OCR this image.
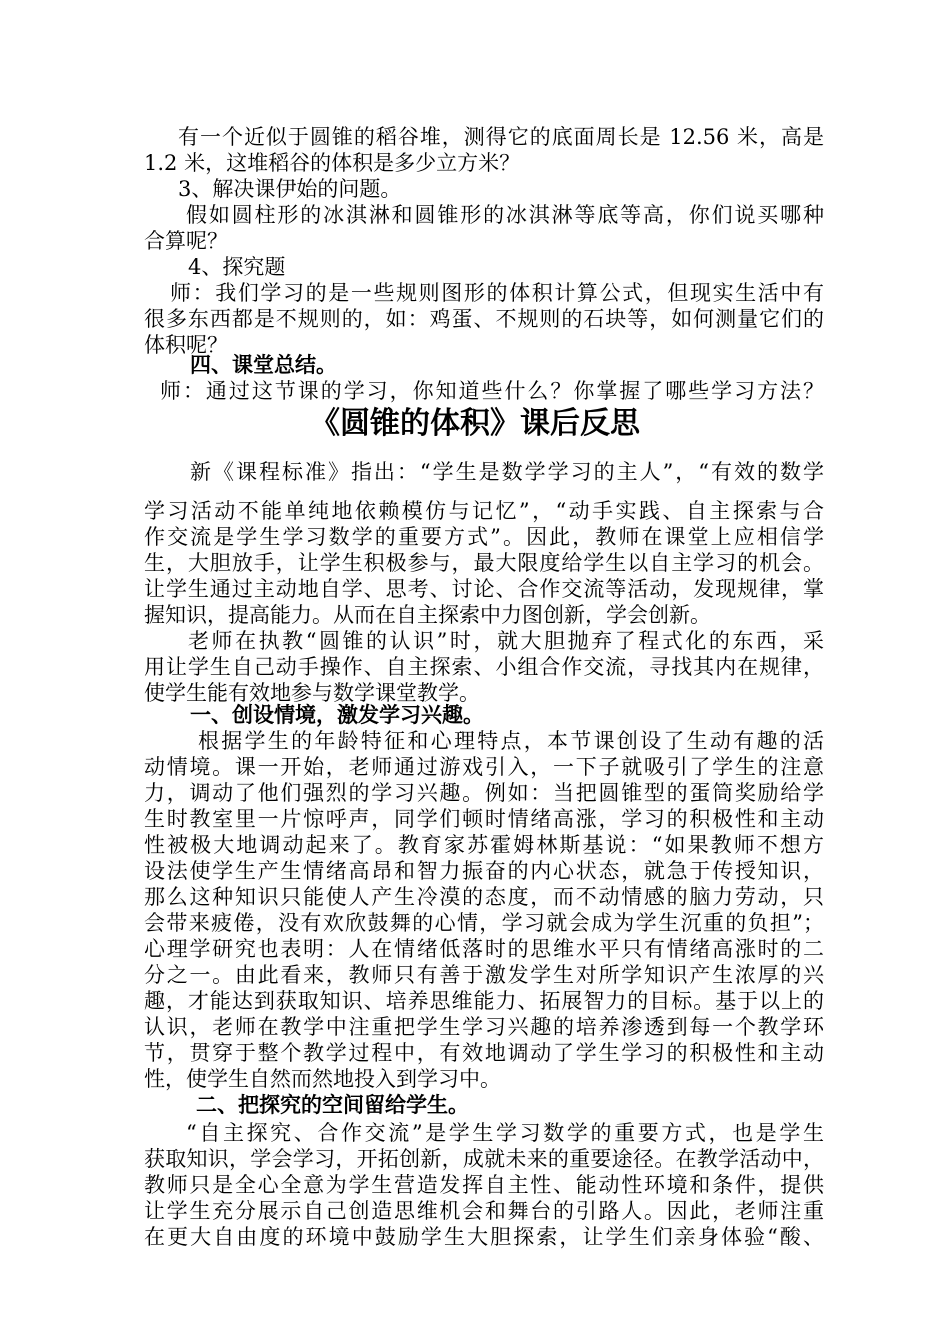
有一个近似于圆锥的稻谷堆，测得它的底面周长是 12.56 米，高是
1.2 米，这堆稻谷的体积是多少立方米？
3、解决课伊始的问题。
假如圆柱形的冰淇淋和圆锥形的冰淇淋等底等高，你们说买哪种
合算呢？
4、探究题
师：我们学习的是一些规则图形的体积计算公式，但现实生活中有
很多东西都是不规则的，如：鸡蛋、不规则的石块等，如何测量它们的
体积呢？
四、课堂总结。
师：通过这节课的学习，你知道些什么？你掌握了哪些学习方法？
《圆锥的体积》课后反思
新《课程标准》指出：“学生是数学学习的主人”，“有效的数学
学习活动不能单纯地依赖模仿与记忆”，“动手实践、自主探索与合
作交流是学生学习数学的重要方式”。因此，教师在课堂上应相信学
生，大胆放手，让学生积极参与，最大限度给学生以自主学习的机会。
让学生通过主动地自学、思考、讨论、合作交流等活动，发现规律，掌
握知识，提高能力。从而在自主探索中力图创新，学会创新。
老师在执教“圆锥的认识”时，就大胆抛弃了程式化的东西，采
用让学生自己动手操作、自主探索、小组合作交流，寻找其内在规律，
使学生能有效地参与数学课堂教学。
一、创设情境，激发学习兴趣。
根据学生的年龄特征和心理特点，本节课创设了生动有趣的活
动情境。课一开始，老师通过游戏引入，一下子就吸引了学生的注意
力，调动了他们强烈的学习兴趣。例如：当把圆锥型的蛋筒奖励给学
生时教室里一片惊呼声，同学们顿时情绪高涨，学习的积极性和主动
性被极大地调动起来了。教育家苏霍姆林斯基说：“如果教师不想方
设法使学生产生情绪高昂和智力振奋的内心状态，就急于传授知识，
那么这种知识只能使人产生冷漠的态度，而不动情感的脑力劳动，只
会带来疲倦，没有欢欣鼓舞的心情，学习就会成为学生沉重的负担”；
心理学研究也表明：人在情绪低落时的思维水平只有情绪高涨时的二
分之一。由此看来，教师只有善于激发学生对所学知识产生浓厚的兴
趣，才能达到获取知识、培养思维能力、拓展智力的目标。基于以上的
认识，老师在教学中注重把学生学习兴趣的培养渗透到每一个教学环
节，贯穿于整个教学过程中，有效地调动了学生学习的积极性和主动
性，使学生自然而然地投入到学习中。
二、把探究的空间留给学生。
“自主探究、合作交流”是学生学习数学的重要方式，也是学生
获取知识，学会学习，开拓创新，成就未来的重要途径。在教学活动中，
教师只是全心全意为学生营造发挥自主性、能动性环境和条件，提供
让学生充分展示自己创造思维机会和舞台的引路人。因此，老师注重
在更大自由度的环境中鼓励学生大胆探索，让学生们亲身体验“酸、
